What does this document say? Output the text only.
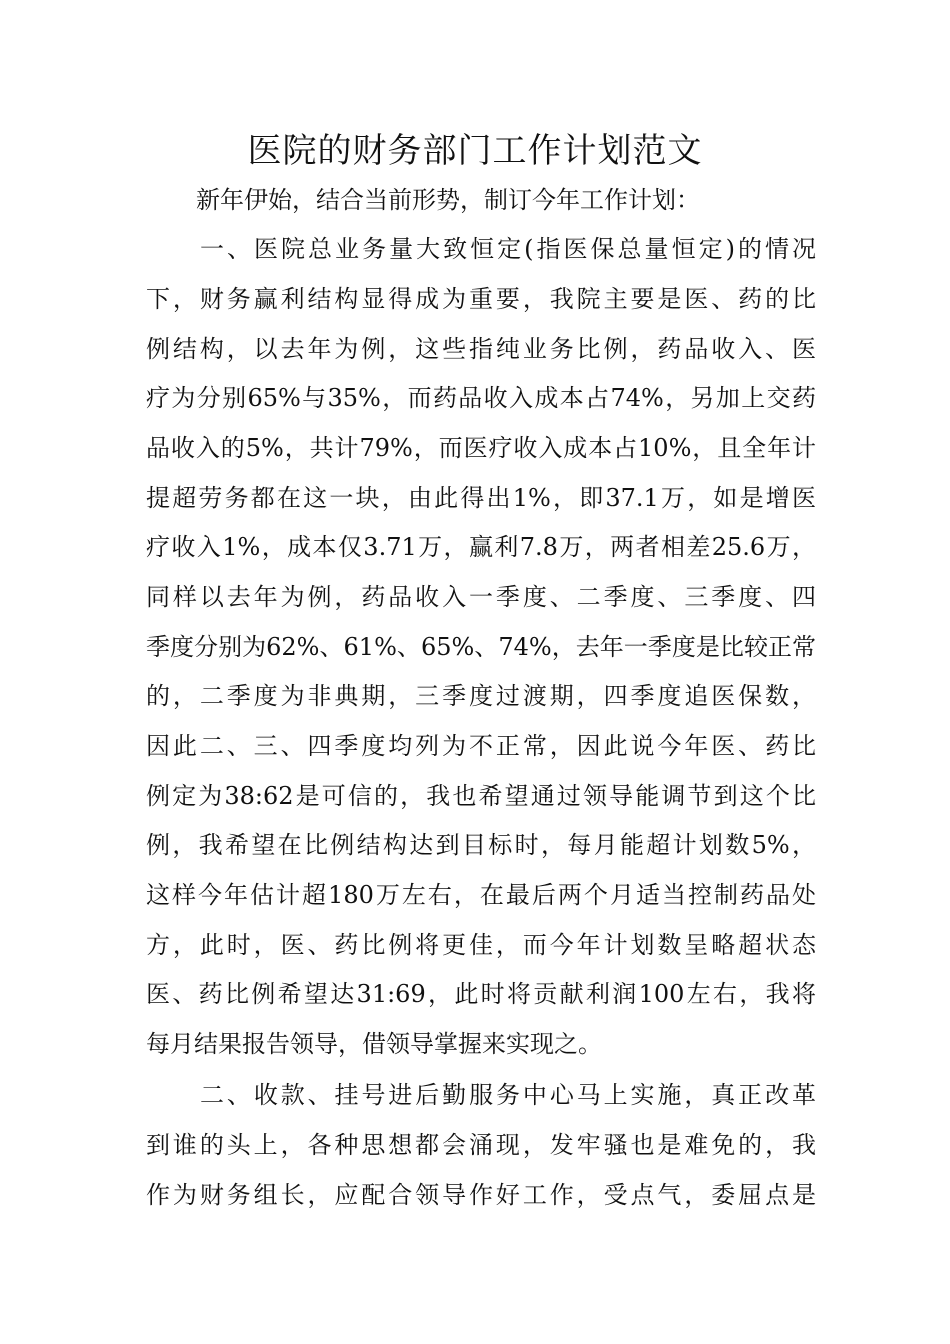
医院的财务部门工作计划范文

新年伊始，结合当前形势，制订今年工作计划：

一、医院总业务量大致恒定(指医保总量恒定)的情况

下，财务赢利结构显得成为重要，我院主要是医、药的比

例结构，以去年为例，这些指纯业务比例，药品收入、医

疗为分别65%与35%，而药品收入成本占74%，另加上交药

品收入的5%，共计79%，而医疗收入成本占10%，且全年计

提超劳务都在这一块，由此得出1%，即37.1万，如是增医

疗收入1%，成本仅3.71万，赢利7.8万，两者相差25.6万，

同样以去年为例，药品收入一季度、二季度、三季度、四

季度分别为62%、61%、65%、74%，去年一季度是比较正常

的，二季度为非典期，三季度过渡期，四季度追医保数，

因此二、三、四季度均列为不正常，因此说今年医、药比

例定为38:62是可信的，我也希望通过领导能调节到这个比

例，我希望在比例结构达到目标时，每月能超计划数5%，

这样今年估计超180万左右，在最后两个月适当控制药品处

方，此时，医、药比例将更佳，而今年计划数呈略超状态

医、药比例希望达31:69，此时将贡献利润100左右，我将

每月结果报告领导，借领导掌握来实现之。

二、收款、挂号进后勤服务中心马上实施，真正改革

到谁的头上，各种思想都会涌现，发牢骚也是难免的，我

作为财务组长，应配合领导作好工作，受点气，委屈点是
